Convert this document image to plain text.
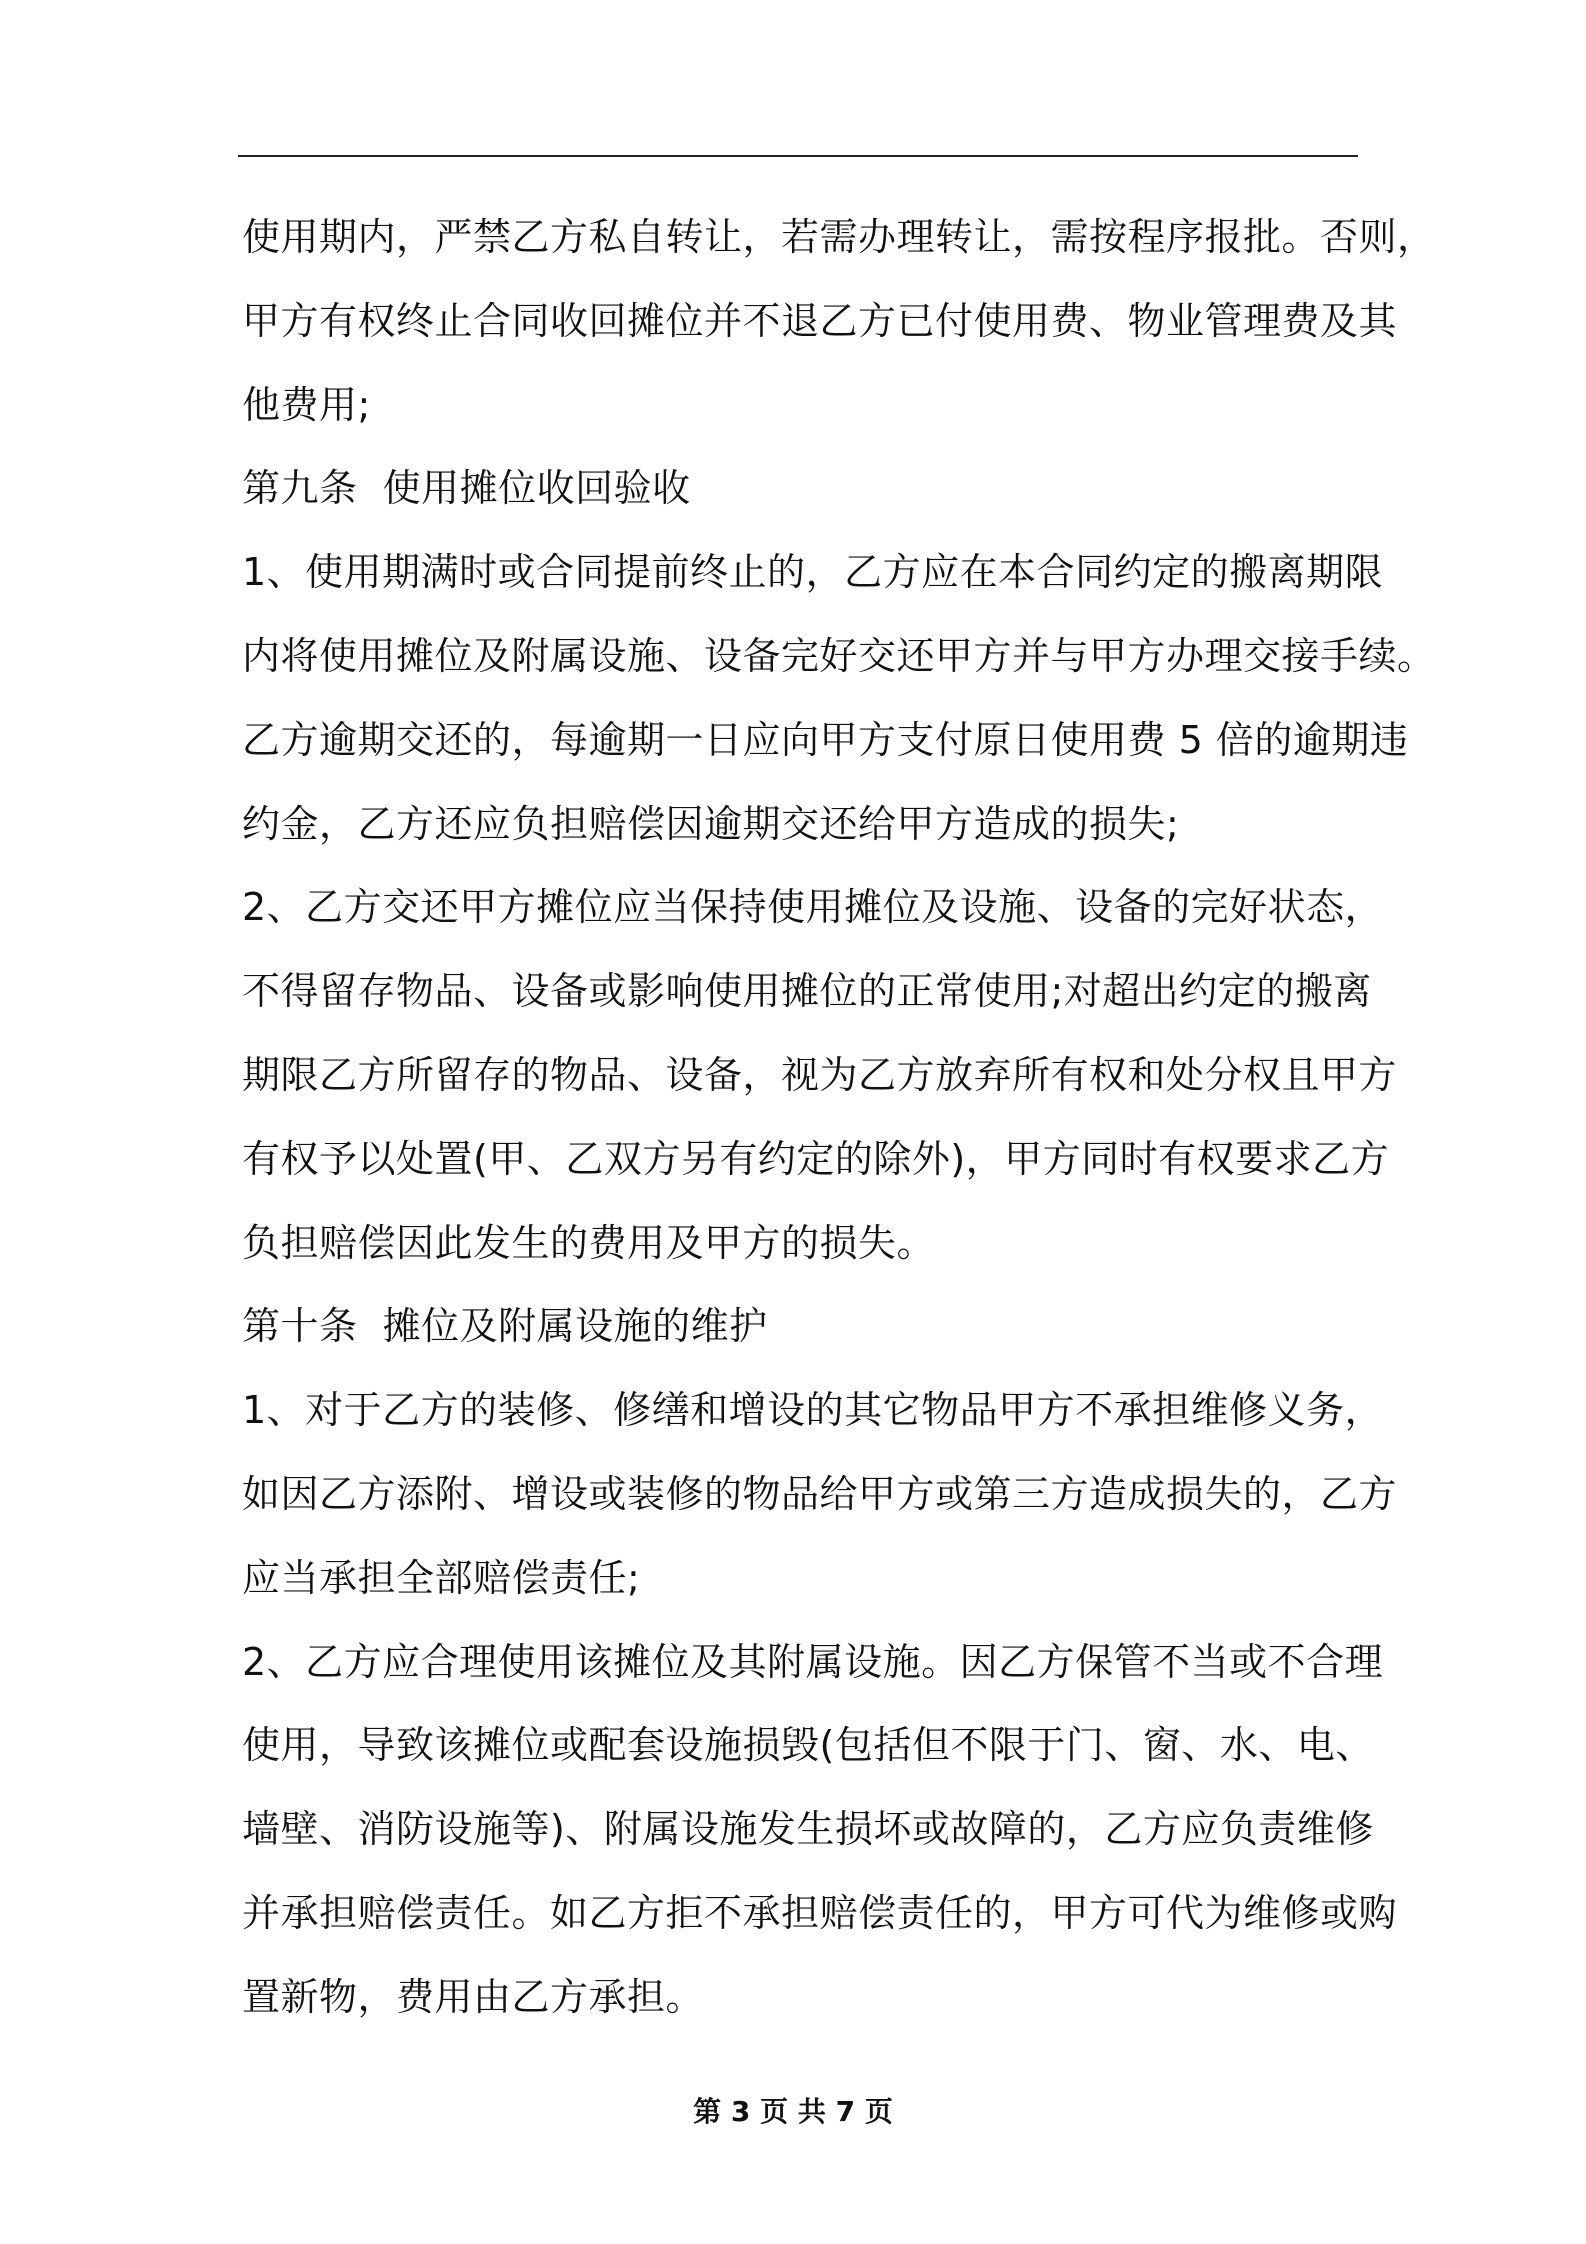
使用期内，严禁乙方私自转让，若需办理转让，需按程序报批。否则，
甲方有权终止合同收回摊位并不退乙方已付使用费、物业管理费及其
他费用;
第九条  使用摊位收回验收
1、使用期满时或合同提前终止的，乙方应在本合同约定的搬离期限
内将使用摊位及附属设施、设备完好交还甲方并与甲方办理交接手续。
乙方逾期交还的，每逾期一日应向甲方支付原日使用费 5 倍的逾期违
约金，乙方还应负担赔偿因逾期交还给甲方造成的损失;
2、乙方交还甲方摊位应当保持使用摊位及设施、设备的完好状态，
不得留存物品、设备或影响使用摊位的正常使用;对超出约定的搬离
期限乙方所留存的物品、设备，视为乙方放弃所有权和处分权且甲方
有权予以处置(甲、乙双方另有约定的除外)，甲方同时有权要求乙方
负担赔偿因此发生的费用及甲方的损失。
第十条  摊位及附属设施的维护
1、对于乙方的装修、修缮和增设的其它物品甲方不承担维修义务，
如因乙方添附、增设或装修的物品给甲方或第三方造成损失的，乙方
应当承担全部赔偿责任;
2、乙方应合理使用该摊位及其附属设施。因乙方保管不当或不合理
使用，导致该摊位或配套设施损毁(包括但不限于门、窗、水、电、
墙壁、消防设施等)、附属设施发生损坏或故障的，乙方应负责维修
并承担赔偿责任。如乙方拒不承担赔偿责任的，甲方可代为维修或购
置新物，费用由乙方承担。
第 3 页 共 7 页
